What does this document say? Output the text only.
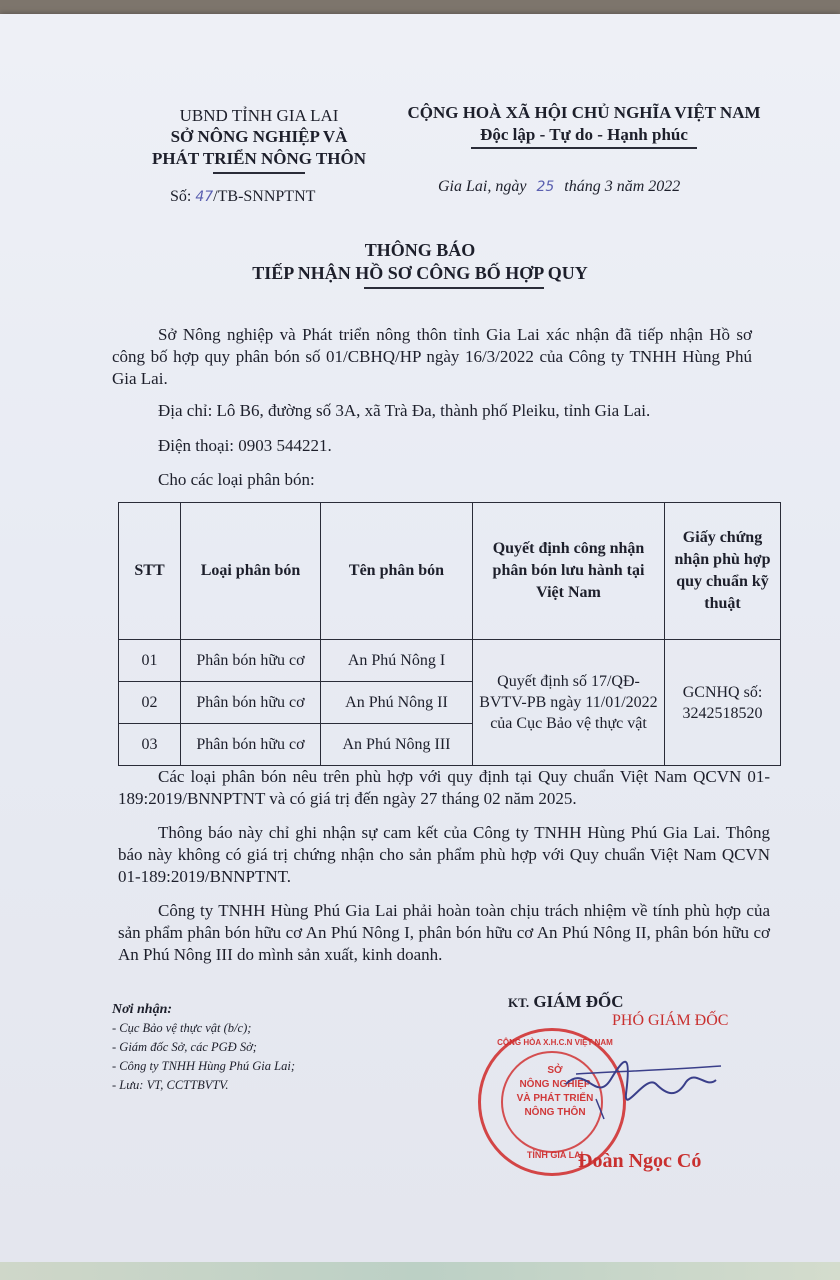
UBND TỈNH GIA LAI
SỞ NÔNG NGHIỆP VÀ
PHÁT TRIỂN NÔNG THÔN
Số: 47/TB-SNNPTNT
CỘNG HOÀ XÃ HỘI CHỦ NGHĨA VIỆT NAM
Độc lập - Tự do - Hạnh phúc
Gia Lai, ngày 25 tháng 3 năm 2022
THÔNG BÁO
TIẾP NHẬN HỒ SƠ CÔNG BỐ HỢP QUY
Sở Nông nghiệp và Phát triển nông thôn tỉnh Gia Lai xác nhận đã tiếp nhận Hồ sơ công bố hợp quy phân bón số 01/CBHQ/HP ngày 16/3/2022 của Công ty TNHH Hùng Phú Gia Lai.
Địa chỉ: Lô B6, đường số 3A, xã Trà Đa, thành phố Pleiku, tỉnh Gia Lai.
Điện thoại: 0903 544221.
Cho các loại phân bón:
STT	Loại phân bón	Tên phân bón	Quyết định công nhận phân bón lưu hành tại Việt Nam	Giấy chứng nhận phù hợp quy chuẩn kỹ thuật
01	Phân bón hữu cơ	An Phú Nông I	Quyết định số 17/QĐ-BVTV-PB ngày 11/01/2022 của Cục Bảo vệ thực vật	GCNHQ số: 3242518520
02	Phân bón hữu cơ	An Phú Nông II		
03	Phân bón hữu cơ	An Phú Nông III		
Các loại phân bón nêu trên phù hợp với quy định tại Quy chuẩn Việt Nam QCVN 01-189:2019/BNNPTNT và có giá trị đến ngày 27 tháng 02 năm 2025.
Thông báo này chỉ ghi nhận sự cam kết của Công ty TNHH Hùng Phú Gia Lai. Thông báo này không có giá trị chứng nhận cho sản phẩm phù hợp với Quy chuẩn Việt Nam QCVN 01-189:2019/BNNPTNT.
Công ty TNHH Hùng Phú Gia Lai phải hoàn toàn chịu trách nhiệm về tính phù hợp của sản phẩm phân bón hữu cơ An Phú Nông I, phân bón hữu cơ An Phú Nông II, phân bón hữu cơ An Phú Nông III do mình sản xuất, kinh doanh.
Nơi nhận:
- Cục Bảo vệ thực vật (b/c);
- Giám đốc Sở, các PGĐ Sở;
- Công ty TNHH Hùng Phú Gia Lai;
- Lưu: VT, CCTTBVTV.
KT. GIÁM ĐỐC
PHÓ GIÁM ĐỐC
CỘNG HÒA X.H.C.N VIỆT NAM
SỞ
NÔNG NGHIỆP
VÀ PHÁT TRIỂN
NÔNG THÔN
TỈNH GIA LAI
Đoàn Ngọc Có
